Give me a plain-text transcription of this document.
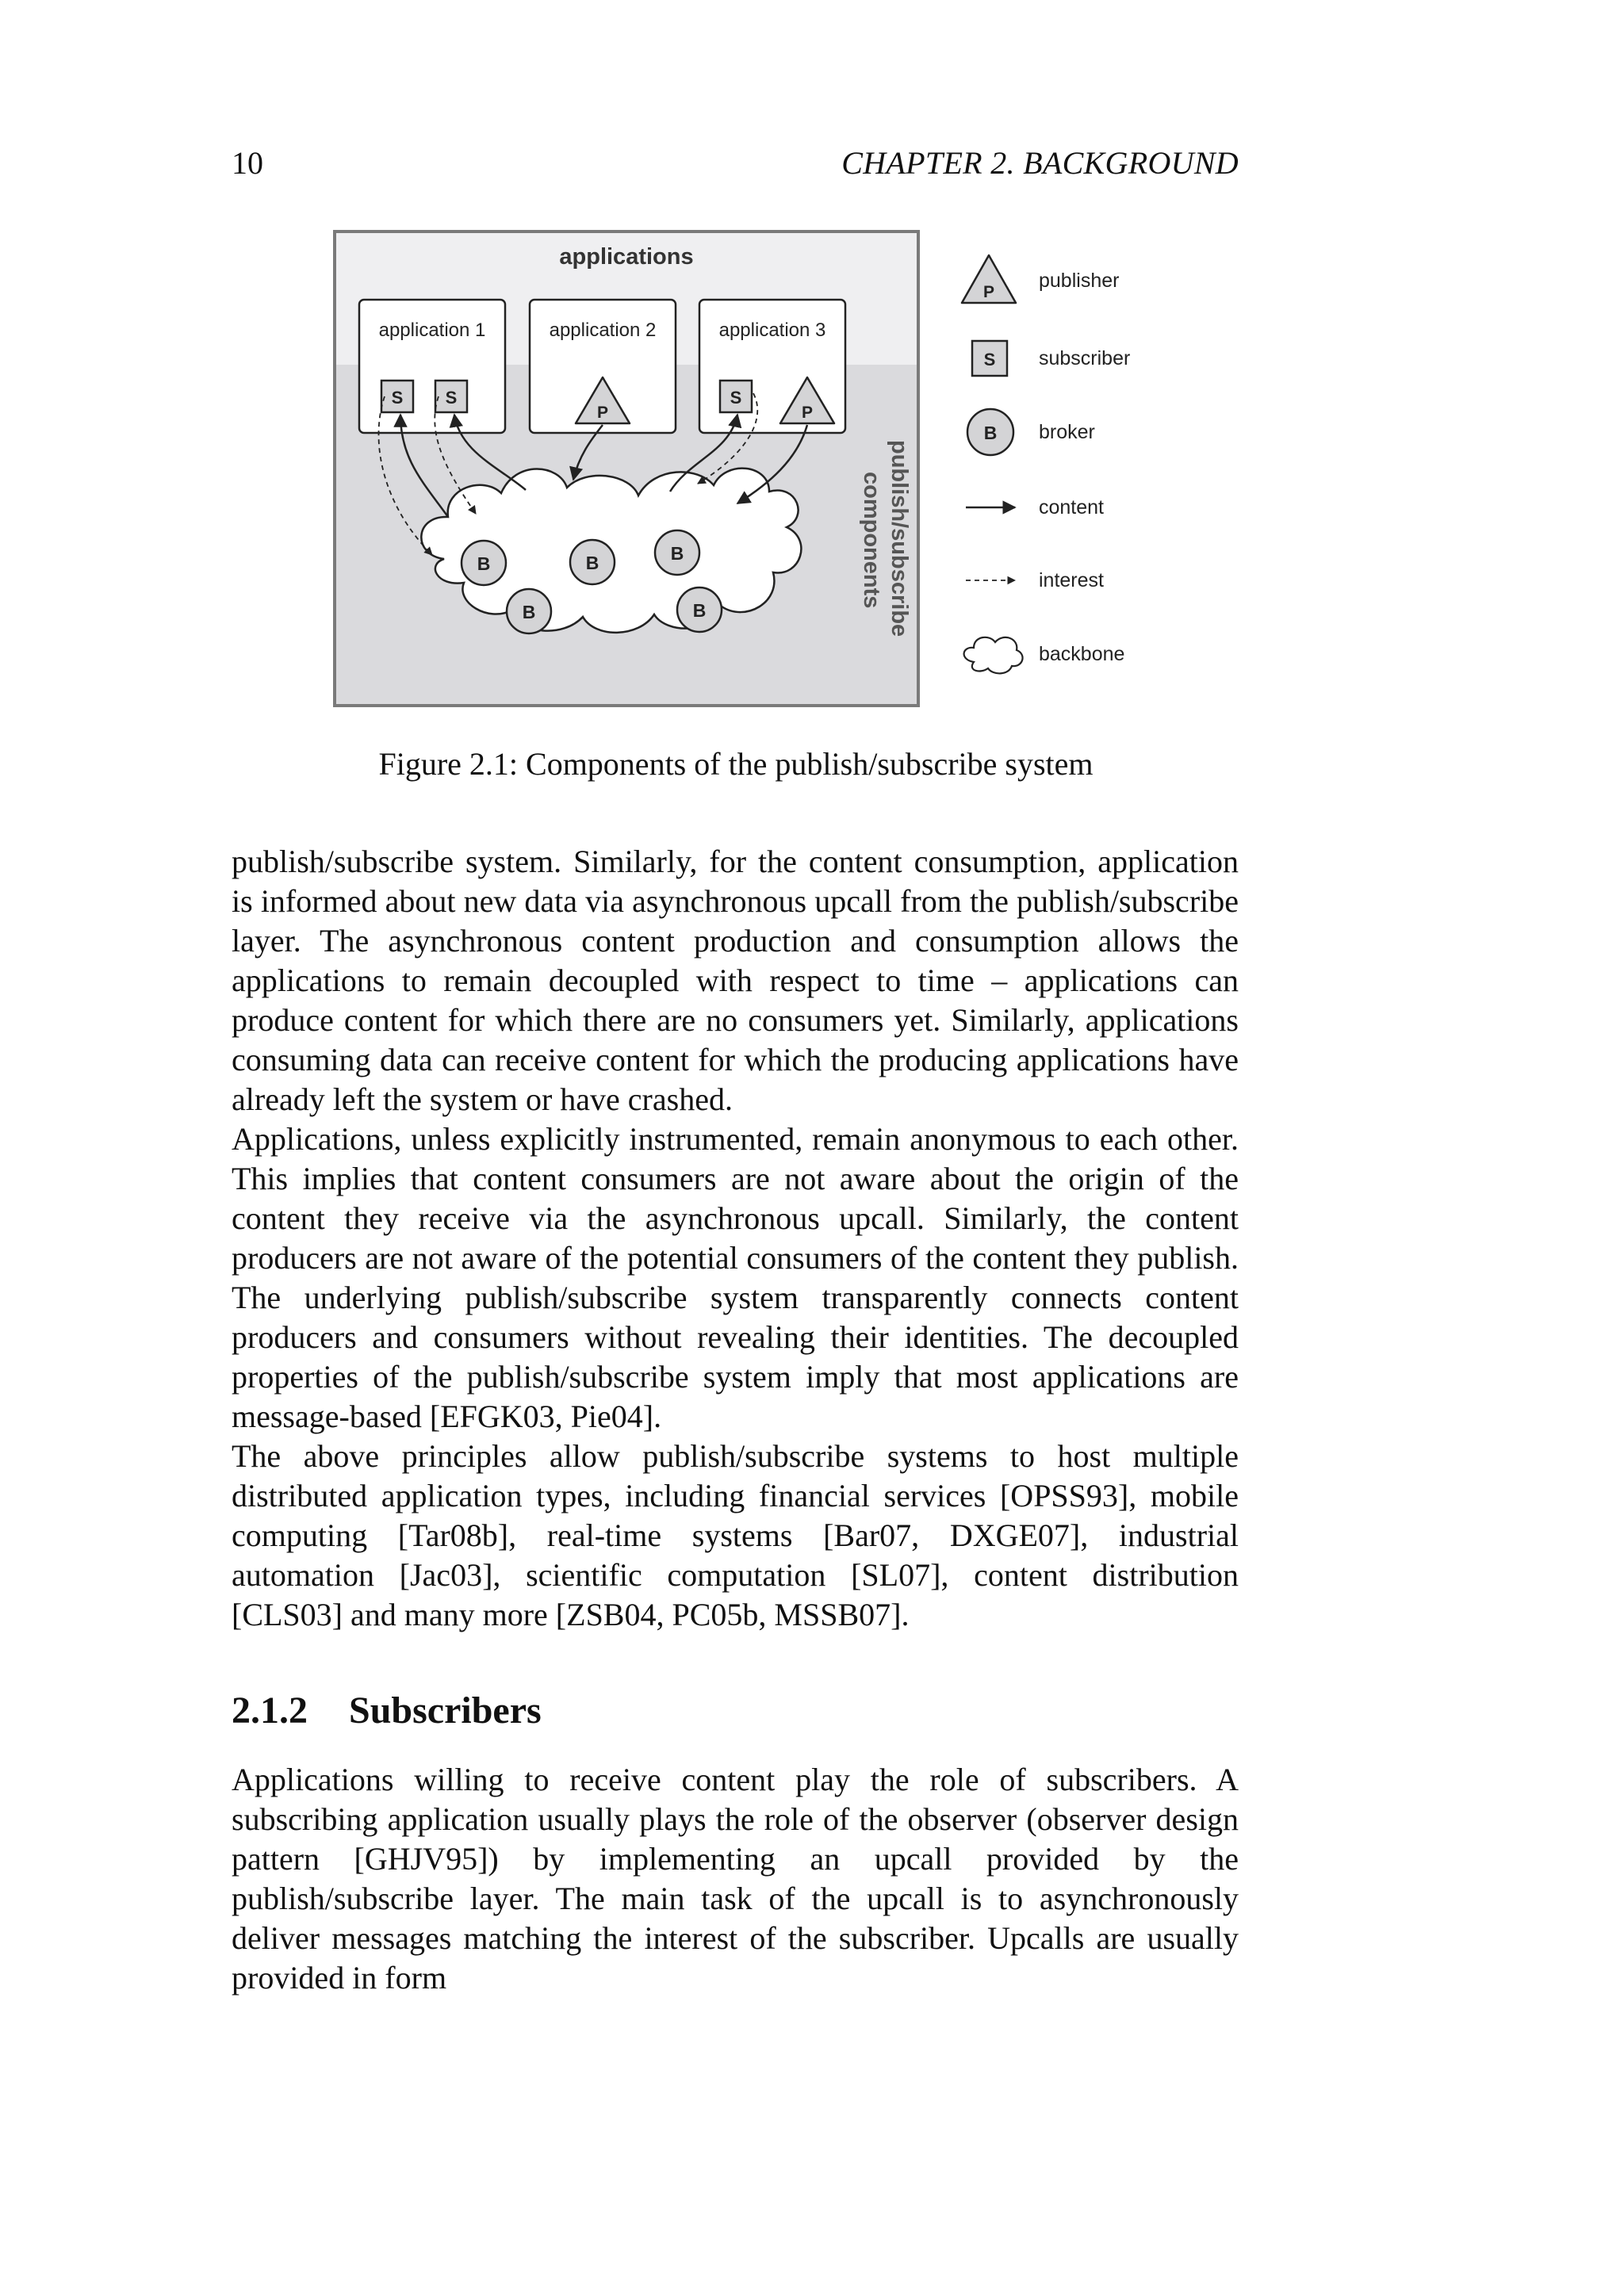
10	CHAPTER 2. BACKGROUND
applications
application 1	application 2	application 3
S S	S
P	P
B
B
B	B
B	publish/subscribe
components
P
publisher
S subscriber
B broker
content
interest
backbone
Figure 2.1: Components of the publish/subscribe system

publish/subscribe system. Similarly, for the content consumption, application is informed about new data via asynchronous upcall from the publish/subscribe layer. The asynchronous content production and consumption allows the applications to remain decoupled with respect to time – applications can produce content for which there are no consumers yet. Similarly, applications consuming data can receive content for which the producing applications have already left the system or have crashed.

Applications, unless explicitly instrumented, remain anonymous to each other. This implies that content consumers are not aware about the origin of the content they receive via the asynchronous upcall. Similarly, the content producers are not aware of the potential consumers of the content they publish. The underlying publish/subscribe system transparently connects content producers and consumers without revealing their identities. The decoupled properties of the publish/subscribe system imply that most applications are message-based [EFGK03, Pie04].

The above principles allow publish/subscribe systems to host multiple distributed application types, including financial services [OPSS93], mobile computing [Tar08b], real-time systems [Bar07, DXGE07], industrial automation [Jac03], scientific computation [SL07], content distribution [CLS03] and many more [ZSB04, PC05b, MSSB07].

2.1.2 Subscribers

Applications willing to receive content play the role of subscribers. A subscribing application usually plays the role of the observer (observer design pattern [GHJV95]) by implementing an upcall provided by the publish/subscribe layer. The main task of the upcall is to asynchronously deliver messages matching the interest of the subscriber. Upcalls are usually provided in form
